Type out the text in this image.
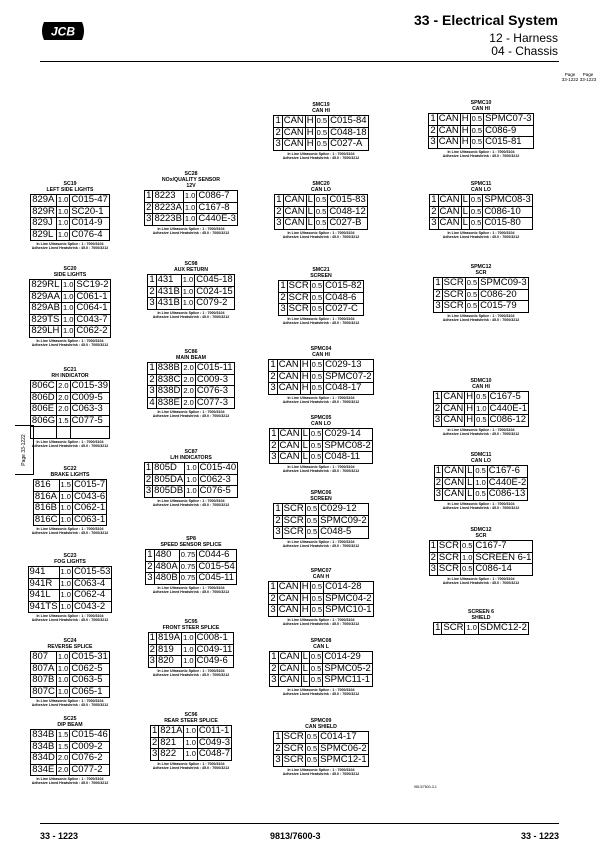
JCB
33 - Electrical System
12 - Harness
04 - Chassis
Page
33-1222Page
33-1223
Page 33-1222
SC19
LEFT SIDE LIGHTS
829A	1.0	C015-47
829R	1.0	SC20-1
829J	1.0	C014-9
829L	1.0	C076-4
In Line Ultrasonic Splice : 1 : 7000/3104
Adhesive Lined Heatshrink : 45.0 : 7000/3212
SC20
SIDE LIGHTS
829RL	1.0	SC19-2
829AA	1.0	C061-1
829AB	1.0	C064-1
829TS	1.0	C043-7
829LH	1.0	C062-2
In Line Ultrasonic Splice : 1 : 7000/3104
Adhesive Lined Heatshrink : 45.0 : 7000/3212
SC21
RH INDICATOR
806C	2.0	C015-39
806D	2.0	C009-5
806E	2.0	C063-3
806G	1.5	C077-5

In Line Ultrasonic Splice : 1 : 7000/3104
Adhesive Lined Heatshrink : 45.0 : 7000/3212
SC22
BRAKE LIGHTS
816	1.5	C015-7
816A	1.0	C043-6
816B	1.0	C062-1
816C	1.0	C063-1
In Line Ultrasonic Splice : 1 : 7000/3104
Adhesive Lined Heatshrink : 45.0 : 7000/3212
SC23
FOG LIGHTS
941	1.0	C015-53
941R	1.0	C063-4
941L	1.0	C062-4
941TS	1.0	C043-2
In Line Ultrasonic Splice : 1 : 7000/3104
Adhesive Lined Heatshrink : 45.0 : 7000/3212
SC24
REVERSE SPLICE
807	1.0	C015-31
807A	1.0	C062-5
807B	1.0	C063-5
807C	1.0	C065-1
In Line Ultrasonic Splice : 1 : 7000/3104
Adhesive Lined Heatshrink : 45.0 : 7000/3212
SC25
DIP BEAM
834B	1.5	C015-46
834B	1.5	C009-2
834D	2.0	C076-2
834E	2.0	C077-2
In Line Ultrasonic Splice : 1 : 7000/3104
Adhesive Lined Heatshrink : 45.0 : 7000/3212
SC28
NOx/QUALITY SENSOR
12V
1	8223	1.0	C086-7
2	8223A	1.0	C167-8
3	8223B	1.0	C440E-3
In Line Ultrasonic Splice : 1 : 7000/3104
Adhesive Lined Heatshrink : 45.0 : 7000/3212
SC98
AUX RETURN
1	431	1.0	C045-18
2	431B	1.0	C024-15
3	431B	1.0	C079-2
In Line Ultrasonic Splice : 1 : 7000/3104
Adhesive Lined Heatshrink : 45.0 : 7000/3212
SC86
MAIN BEAM
1	838B	2.0	C015-11
2	838C	2.0	C009-3
3	838D	2.0	C076-3
4	838E	2.0	C077-3
In Line Ultrasonic Splice : 1 : 7000/3104
Adhesive Lined Heatshrink : 45.0 : 7000/3212
SC87
L/H INDICATORS
1	805D	1.0	C015-40
2	805DA	1.0	C062-3
3	805DB	1.0	C076-5
In Line Ultrasonic Splice : 1 : 7000/3104
Adhesive Lined Heatshrink : 45.0 : 7000/3212
SP8
SPEED SENSOR SPLICE
1	480	0.75	C044-6
2	480A	0.75	C015-54
3	480B	0.75	C045-11
In Line Ultrasonic Splice : 1 : 7000/3104
Adhesive Lined Heatshrink : 45.0 : 7000/3212
SC95
FRONT STEER SPLICE
1	819A	1.0	C008-1
2	819	1.0	C049-11
3	820	1.0	C049-6
In Line Ultrasonic Splice : 1 : 7000/3104
Adhesive Lined Heatshrink : 45.0 : 7000/3212
SC96
REAR STEER SPLICE
1	821A	1.0	C011-1
2	821	1.0	C049-3
3	822	1.0	C048-7
In Line Ultrasonic Splice : 1 : 7000/3104
Adhesive Lined Heatshrink : 45.0 : 7000/3212
SMC19
CAN HI
1	CAN	H	0.5	C015-84
2	CAN	H	0.5	C048-18
3	CAN	H	0.5	C027-A
In Line Ultrasonic Splice : 1 : 7000/3104
Adhesive Lined Heatshrink : 45.0 : 7000/3212
SMC20
CAN LO
1	CAN	L	0.5	C015-83
2	CAN	L	0.5	C048-12
3	CAN	L	0.5	C027-B
In Line Ultrasonic Splice : 1 : 7000/3104
Adhesive Lined Heatshrink : 45.0 : 7000/3212
SMC21
SCREEN
1	SCR	0.5	C015-82
2	SCR	0.5	C048-6
3	SCR	0.5	C027-C
In Line Ultrasonic Splice : 1 : 7000/3104
Adhesive Lined Heatshrink : 45.0 : 7000/3212
SPMC04
CAN HI
1	CAN	H	0.5	C029-13
2	CAN	H	0.5	SPMC07-2
3	CAN	H	0.5	C048-17
In Line Ultrasonic Splice : 1 : 7000/3104
Adhesive Lined Heatshrink : 45.0 : 7000/3212
SPMC05
CAN LO
1	CAN	L	0.5	C029-14
2	CAN	L	0.5	SPMC08-2
3	CAN	L	0.5	C048-11
In Line Ultrasonic Splice : 1 : 7000/3104
Adhesive Lined Heatshrink : 45.0 : 7000/3212
SPMC06
SCREEN
1	SCR	0.5	C029-12
2	SCR	0.5	SPMC09-2
3	SCR	0.5	C048-5
In Line Ultrasonic Splice : 1 : 7000/3104
Adhesive Lined Heatshrink : 45.0 : 7000/3212
SPMC07
CAN H
1	CAN	H	0.5	C014-28
2	CAN	H	0.5	SPMC04-2
3	CAN	H	0.5	SPMC10-1
In Line Ultrasonic Splice : 1 : 7000/3104
Adhesive Lined Heatshrink : 45.0 : 7000/3212
SPMC08
CAN L
1	CAN	L	0.5	C014-29
2	CAN	L	0.5	SPMC05-2
3	CAN	L	0.5	SPMC11-1
In Line Ultrasonic Splice : 1 : 7000/3104
Adhesive Lined Heatshrink : 45.0 : 7000/3212
SPMC09
CAN SHIELD
1	SCR	0.5	C014-17
2	SCR	0.5	SPMC06-2
3	SCR	0.5	SPMC12-1
In Line Ultrasonic Splice : 1 : 7000/3104
Adhesive Lined Heatshrink : 45.0 : 7000/3212
SPMC10
CAN HI
1	CAN	H	0.5	SPMC07-3
2	CAN	H	0.5	C086-9
3	CAN	H	0.5	C015-81
In Line Ultrasonic Splice : 1 : 7000/3104
Adhesive Lined Heatshrink : 45.0 : 7000/3212
SPMC11
CAN LO
1	CAN	L	0.5	SPMC08-3
2	CAN	L	0.5	C086-10
3	CAN	L	0.5	C015-80
In Line Ultrasonic Splice : 1 : 7000/3104
Adhesive Lined Heatshrink : 45.0 : 7000/3212
SPMC12
SCR
1	SCR	0.5	SPMC09-3
2	SCR	0.5	C086-20
3	SCR	0.5	C015-79
In Line Ultrasonic Splice : 1 : 7000/3104
Adhesive Lined Heatshrink : 45.0 : 7000/3212
SDMC10
CAN HI
1	CAN	H	0.5	C167-5
2	CAN	H	1.0	C440E-1
3	CAN	H	0.5	C086-12
In Line Ultrasonic Splice : 1 : 7000/3104
Adhesive Lined Heatshrink : 45.0 : 7000/3212
SDMC11
CAN LO
1	CAN	L	0.5	C167-6
2	CAN	L	1.0	C440E-2
3	CAN	L	0.5	C086-13
In Line Ultrasonic Splice : 1 : 7000/3104
Adhesive Lined Heatshrink : 45.0 : 7000/3212
SDMC12
SCR
1	SCR	0.5	C167-7
2	SCR	1.0	SCREEN 6-1
3	SCR	0.5	C086-14
In Line Ultrasonic Splice : 1 : 7000/3104
Adhesive Lined Heatshrink : 45.0 : 7000/3212
SCREEN 6
SHIELD
1	SCR	1.0	SDMC12-2
9813/7600-3-1
33 - 1223	9813/7600-3	33 - 1223
